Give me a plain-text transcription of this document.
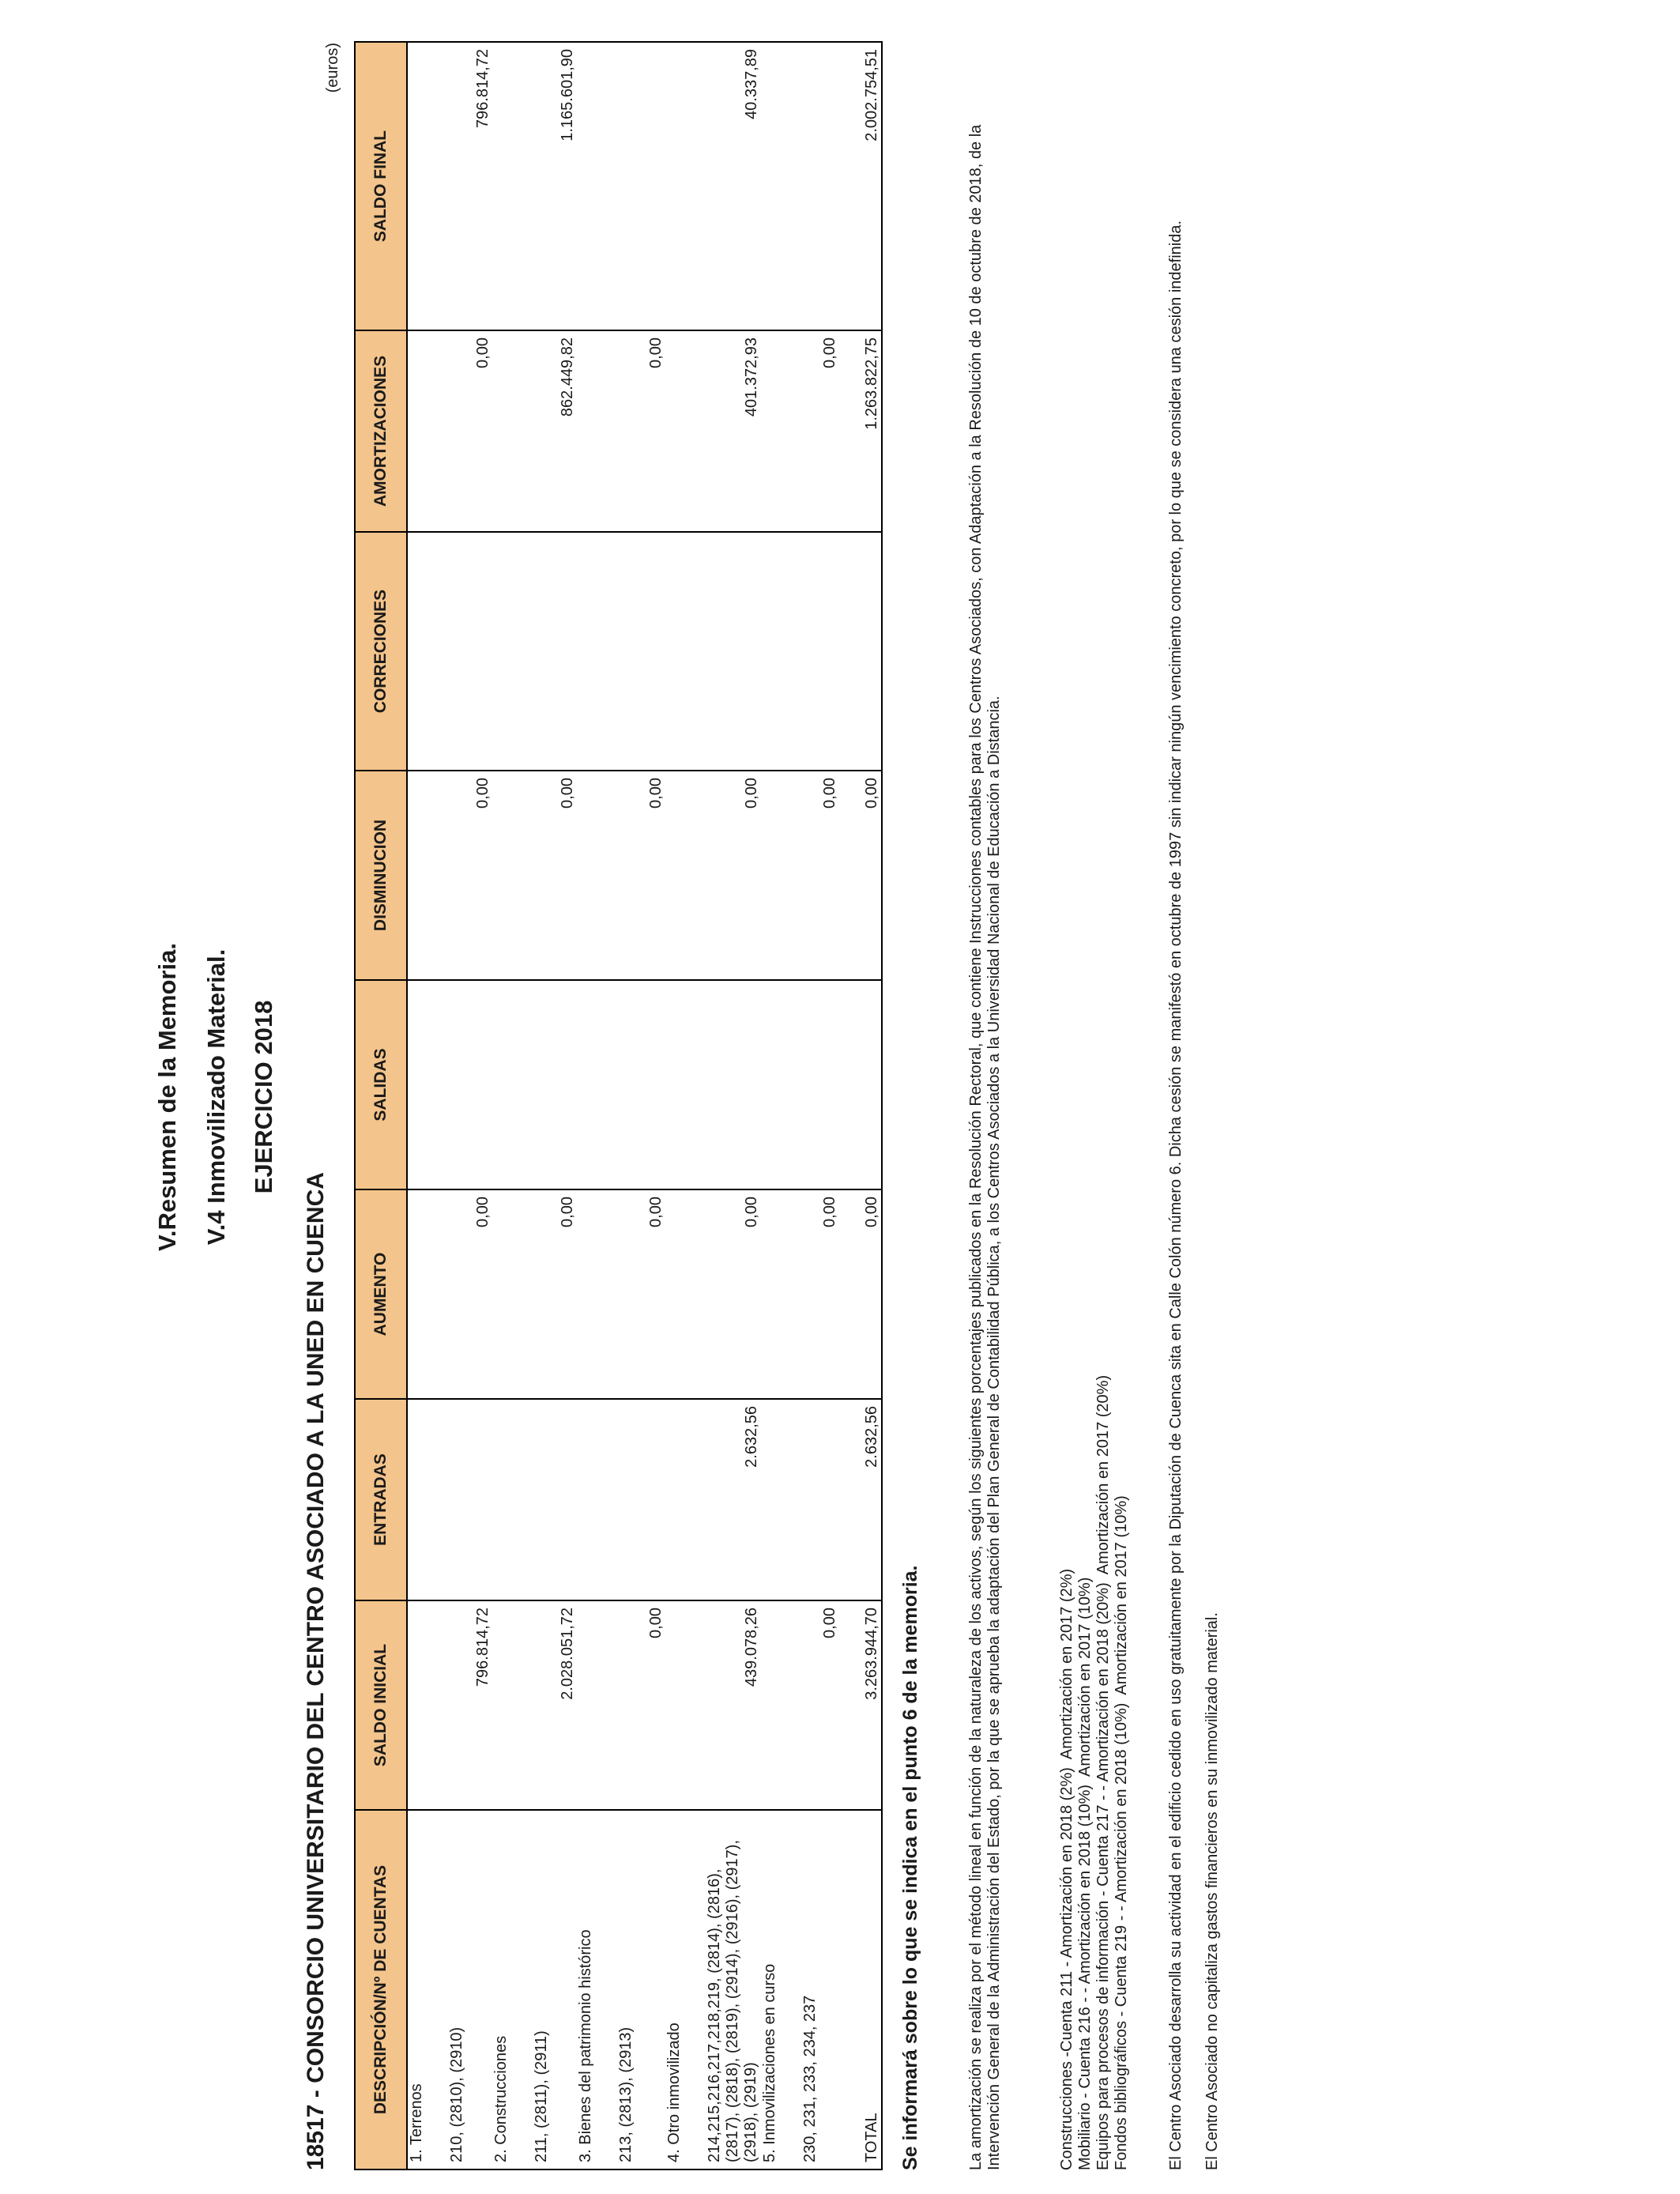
V.Resumen de la Memoria. V.4 Inmovilizado Material. EJERCICIO 2018
18517 - CONSORCIO UNIVERSITARIO DEL CENTRO ASOCIADO A LA UNED EN CUENCA
(euros)
DESCRIPCIÓN/Nº DE CUENTAS	SALDO INICIAL	ENTRADAS	AUMENTO	SALIDAS	DISMINUCION	CORRECIONES	AMORTIZACIONES	SALDO FINAL
1. Terrenos								
210, (2810), (2910)	796.814,72		0,00		0,00		0,00	796.814,72
2. Construcciones								
211, (2811), (2911)	2.028.051,72		0,00		0,00		862.449,82	1.165.601,90
3. Bienes del patrimonio histórico								
213, (2813), (2913)	0,00		0,00		0,00		0,00	
4. Otro inmovilizado								
214,215,216,217,218,219, (2814), (2816), (2817), (2818), (2819), (2914), (2916), (2917), (2918), (2919)	439.078,26	2.632,56	0,00		0,00		401.372,93	40.337,89
5. Inmovilizaciones en curso								
230, 231, 233, 234, 237	0,00		0,00		0,00		0,00	
TOTAL	3.263.944,70	2.632,56	0,00		0,00		1.263.822,75	2.002.754,51
Se informará sobre lo que se indica en el punto 6 de la memoria.	La amortización se realiza por el método lineal en función de la naturaleza de los activos, según los siguientes porcentajes publicados en la Resolución Rectoral, que contiene Instrucciones contables para los Centros Asociados, con Adaptación a la Resolución de 10 de octubre de 2018, de la Intervención General de la Administración del Estado, por la que se aprueba la adaptación del Plan General de Contabilidad Pública, a los Centros Asociados a la Universidad Nacional de Educación a Distancia.	Construcciones -Cuenta 211 - Amortización en 2018 (2%)  Amortización en 2017 (2%) Mobiliario - Cuenta 216 - - Amortización en 2018 (10%)  Amortización en 2017 (10%) Equipos para procesos de información - Cuenta 217 - - Amortización en 2018 (20%)  Amortización en 2017 (20%) Fondos bibliográficos - Cuenta 219 - - Amortización en 2018 (10%)  Amortización en 2017 (10%) El Centro Asociado desarrolla su actividad en el edificio cedido en uso gratuitamente por la Diputación de Cuenca sita en Calle Colón número 6. Dicha cesión se manifestó en octubre de 1997 sin indicar ningún vencimiento concreto, por lo que se considera una cesión indefinida. El Centro Asociado no capitaliza gastos financieros en su inmovilizado material.
